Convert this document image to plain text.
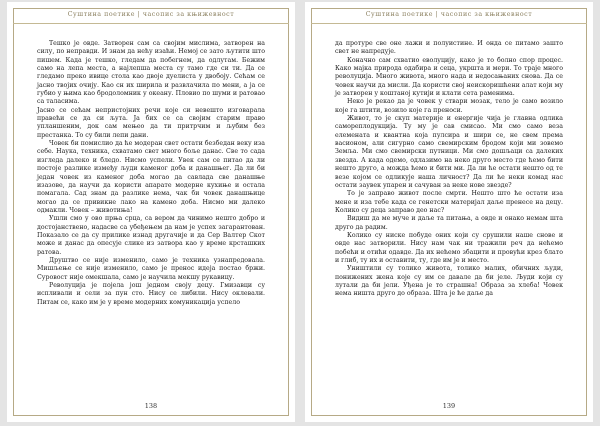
Суштина поетике | часопис за књижевност

Тешко је овде. Затворен сам са својим мислима, затворен на силу, по неправди. И знам да нећу изаћи. Немој се зато љутити што пишем. Када је тешко, гледам да побегнем, да одлутам. Бежим само на лепа места, а најлепша места су тамо где си ти. Да се гледамо преко ивице стола као двоје дуелиста у двобоју. Сећам се јасно твојих очију. Као сн их ширила и развлачила по мени, а ја се губио у њима као бродоломник у океану. Пловио по шуми и ратовао са таласима.

Јасно се сећам непристојних речи које си невешто изговарала правећи се да си љута. Ја бих се са својим старим право упланшеним, док сам мењео да ти притрчим и љубим без престанка. То су били лепи дани.

Човек би помислио да ће модеран свет остати безбедан веку иза себе. Наука, техника, схватамо свет много боље данас. Све то сада изгледа далеко и бледо. Нисмо успели. Увек сам се питао да ли постоје разлике између људи каменог доба и данашњег. Да ли би један човек из каменог доба могао да савлада све данашње изазове, да научи да користи апарате модерне кухиње и остала помагала. Сад знам да разлике нема, чак би човек данашњице могао да се привикне лако на камено доба. Нисмо ми далеко одмакли. Човек – животиња!

Ушли смо у ово прња срца, са вером да чинимо нешто добро и достојанствено, надасве са убеђењем да нам је успех загарантован. Показало се да су прилике изнад другачије и да Сер Валтер Скот може и данас да опесује слике из затвора као у време крсташких ратова.

Друштво се није изменило, само је техника узнапредовала. Мишљење се није изменило, само је пренос идеја постао бржи. Суровост није омекшала, само је научила мекшу рукавицу.

Револуција је појела још једном своју децу. Гмизавци су испливали и сели за пун сто. Нису се либили. Нису оклевали. Питам се, како им је у време модерних комуникација успело

138
Суштина поетике | часопис за књижевност

да протуре све оне лажи и полуистине. И онда се питамо зашто свет не напредује.

Коначно сам схватио еволуцију, како је то болно спор процес. Како мајка природа одабира и сеца, укршта и мери. То траје много револуција. Много живота, много нада и недосањаних снова. Да се човек научи да мисли. Да користи свој неискоришћени алат који му је затворен у коштаној кутији и клати сета раменима.

Неко је рекао да је човек у ствари мозак, тело је само возило које га штити, возило које га преноси.

Живот, то је скуп материје и енергије чија је главна одлика самореплодукција. Ту му је сав смисао. Ми смо само веза елемената и квантна која пулсира и шири се, не свем према васионом, али сигурно само свемирским бродом који ми зовемо Земља. Ми смо свемирски путници. Ми смо дошљаци са далеких звезда. А када одемо, одлазимо на неко друго место где ћемо бити нешто друго, а можда ћемо и бити ми. Да ли ће остати нешто од те везе којом се одликује наша личност? Да ли ће неки комад нас остати заувек упарен и сачуван за неке нове звезде?

То је заправо живот после смрти. Нешто што ће остати иза мене и иза тебе када се генетски материјал даље пренесе на децу. Колико су деца заправо део нас?

Видиш да ме муче и даље та питања, а овде и онако немам шта друго да радим.

Колико су ниске побуде оних који су срушили наше снове и овде нас затворили. Нису нам чак ни тражили реч да нећемо побећи и отићи одавде. Да их нећемо збацити и провући крез блато и глиб, ту их и оставити, ту, где им је и место.

Уништили су толико живота, толико малих, обичних људи, понижених жена које су им се давале да би јеле. Људи који су лутали да би јели. Уђена је то страшна! Образа за хлеба! Човек нема ништа друго до образа. Шта је ће даље да

139
